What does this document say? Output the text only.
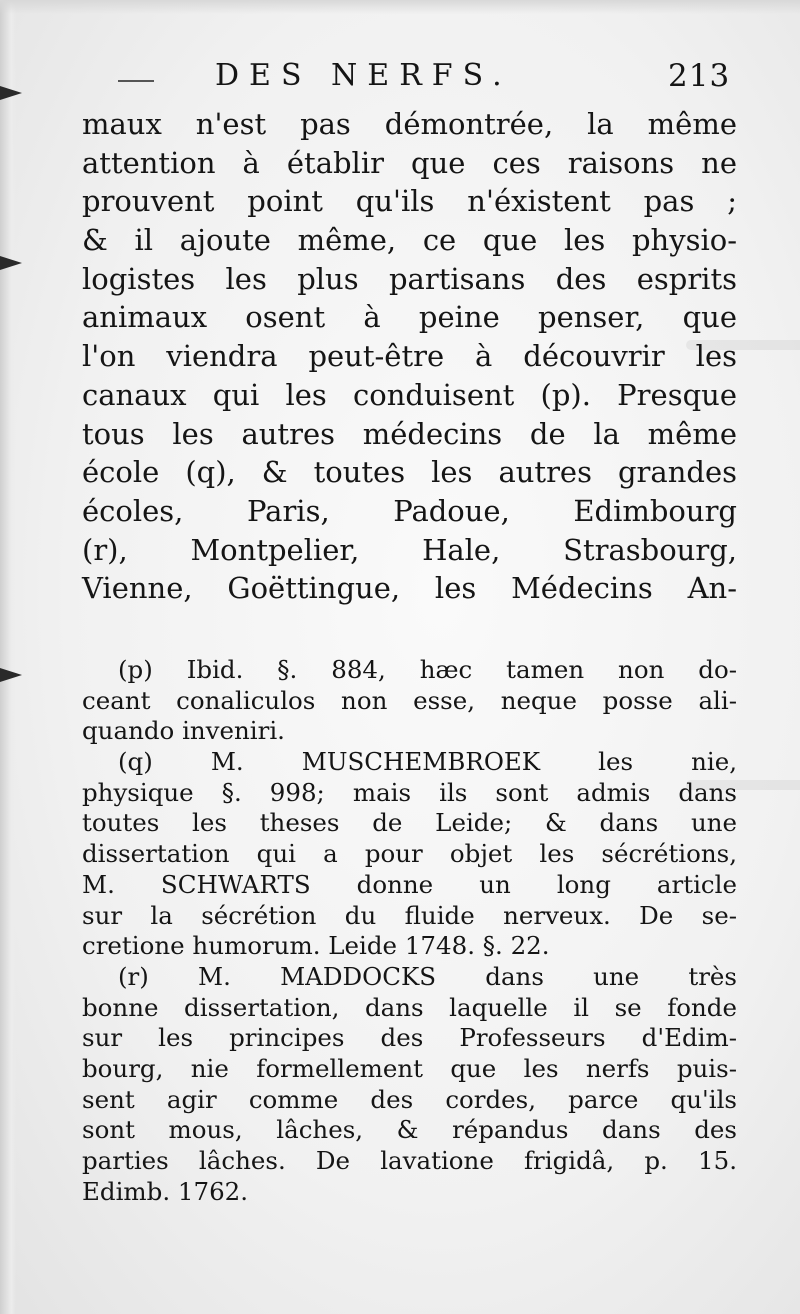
DES NERFS.	213
maux n'est pas démontrée, la même
attention à établir que ces raisons ne
prouvent point qu'ils n'éxistent pas ;
& il ajoute même, ce que les physio-
logistes les plus partisans des esprits
animaux osent à peine penser, que
l'on viendra peut-être à découvrir les
canaux qui les conduisent (p). Presque
tous les autres médecins de la même
école (q), & toutes les autres grandes
écoles, Paris, Padoue, Edimbourg
(r), Montpelier, Hale, Strasbourg,
Vienne, Goëttingue, les Médecins An-
(p) Ibid. §. 884, hæc tamen non do-
ceant conaliculos non esse, neque posse ali-
quando inveniri.
(q) M. MUSCHEMBROEK les nie,
physique §. 998; mais ils sont admis dans
toutes les theses de Leide; & dans une
dissertation qui a pour objet les sécrétions,
M. SCHWARTS donne un long article
sur la sécrétion du fluide nerveux. De se-
cretione humorum. Leide 1748. §. 22.
(r) M. MADDOCKS dans une très
bonne dissertation, dans laquelle il se fonde
sur les principes des Professeurs d'Edim-
bourg, nie formellement que les nerfs puis-
sent agir comme des cordes, parce qu'ils
sont mous, lâches, & répandus dans des
parties lâches. De lavatione frigidâ, p. 15.
Edimb. 1762.
